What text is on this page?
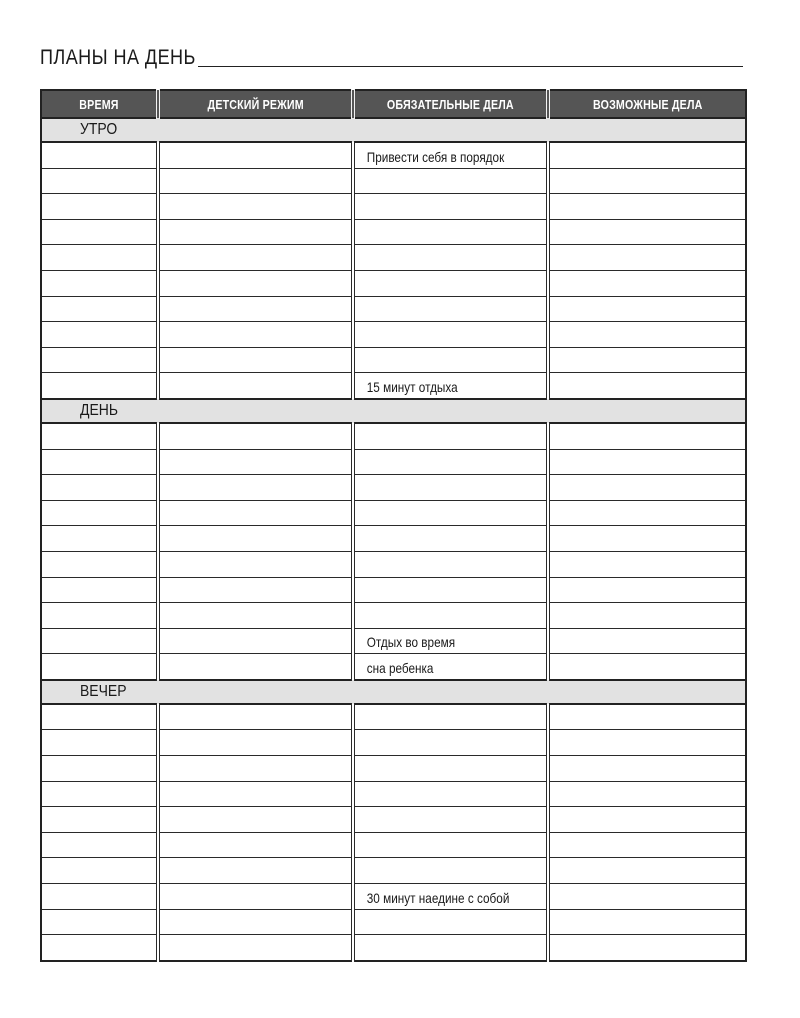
ПЛАНЫ НА ДЕНЬ
ВРЕМЯ	ДЕТСКИЙ РЕЖИМ	ОБЯЗАТЕЛЬНЫЕ ДЕЛА	ВОЗМОЖНЫЕ ДЕЛА
УТРО			
		Привести себя в порядок	

		15 минут отдыха	
ДЕНЬ			

		Отдых во время	
		сна ребенка	
ВЕЧЕР			

		30 минут наедине с собой	
